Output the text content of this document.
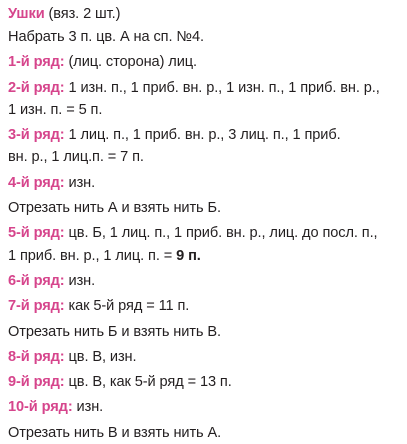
Ушки (вяз. 2 шт.)
Набрать 3 п. цв. А на сп. №4.
1-й ряд: (лиц. сторона) лиц.
2-й ряд: 1 изн. п., 1 приб. вн. р., 1 изн. п., 1 приб. вн. р.,
1 изн. п. = 5 п.
3-й ряд: 1 лиц. п., 1 приб. вн. р., 3 лиц. п., 1 приб.
вн. р., 1 лиц.п. = 7 п.
4-й ряд: изн.
Отрезать нить А и взять нить Б.
5-й ряд: цв. Б, 1 лиц. п., 1 приб. вн. р., лиц. до посл. п.,
1 приб. вн. р., 1 лиц. п. = 9 п.
6-й ряд: изн.
7-й ряд: как 5-й ряд = 11 п.
Отрезать нить Б и взять нить В.
8-й ряд: цв. В, изн.
9-й ряд: цв. В, как 5-й ряд = 13 п.
10-й ряд: изн.
Отрезать нить В и взять нить А.
